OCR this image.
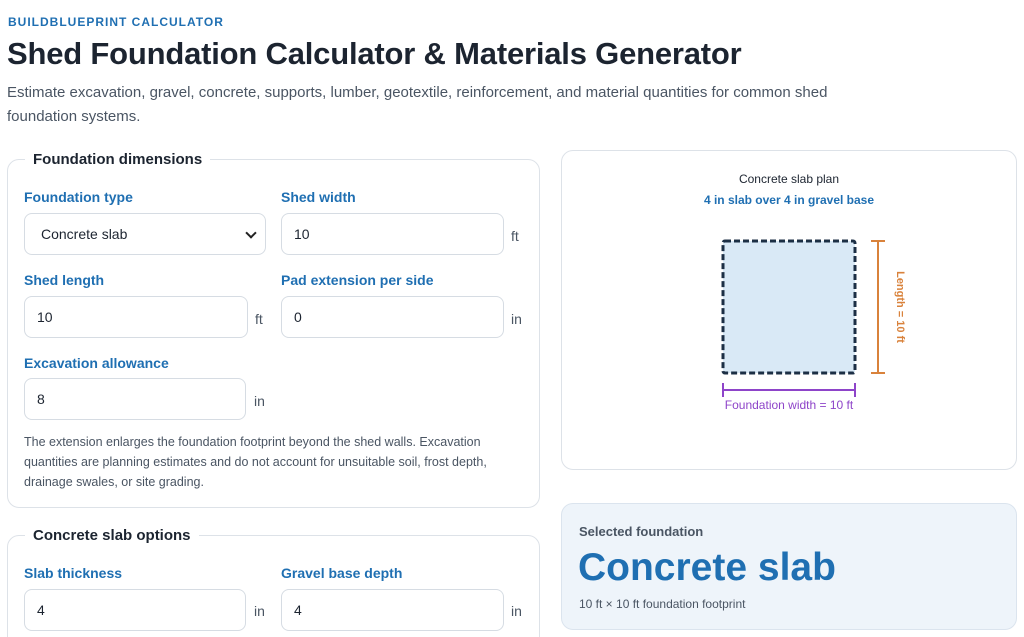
BUILDBLUEPRINT CALCULATOR
Shed Foundation Calculator & Materials Generator

Estimate excavation, gravel, concrete, supports, lumber, geotextile, reinforcement, and material quantities for common shed foundation systems.

Foundation dimensions
Foundation type
Concrete slab
Shed width
10	ft
Shed length
10	ft
Pad extension per side
0	in
Excavation allowance
8	in

The extension enlarges the foundation footprint beyond the shed walls. Excavation quantities are planning estimates and do not account for unsuitable soil, frost depth, drainage swales, or site grading.

Concrete slab options
Slab thickness
4	in
Gravel base depth
4	in
Concrete slab plan
4 in slab over 4 in gravel base
Length = 10 ft
Foundation width = 10 ft
Selected foundation
Concrete slab
10 ft × 10 ft foundation footprint
